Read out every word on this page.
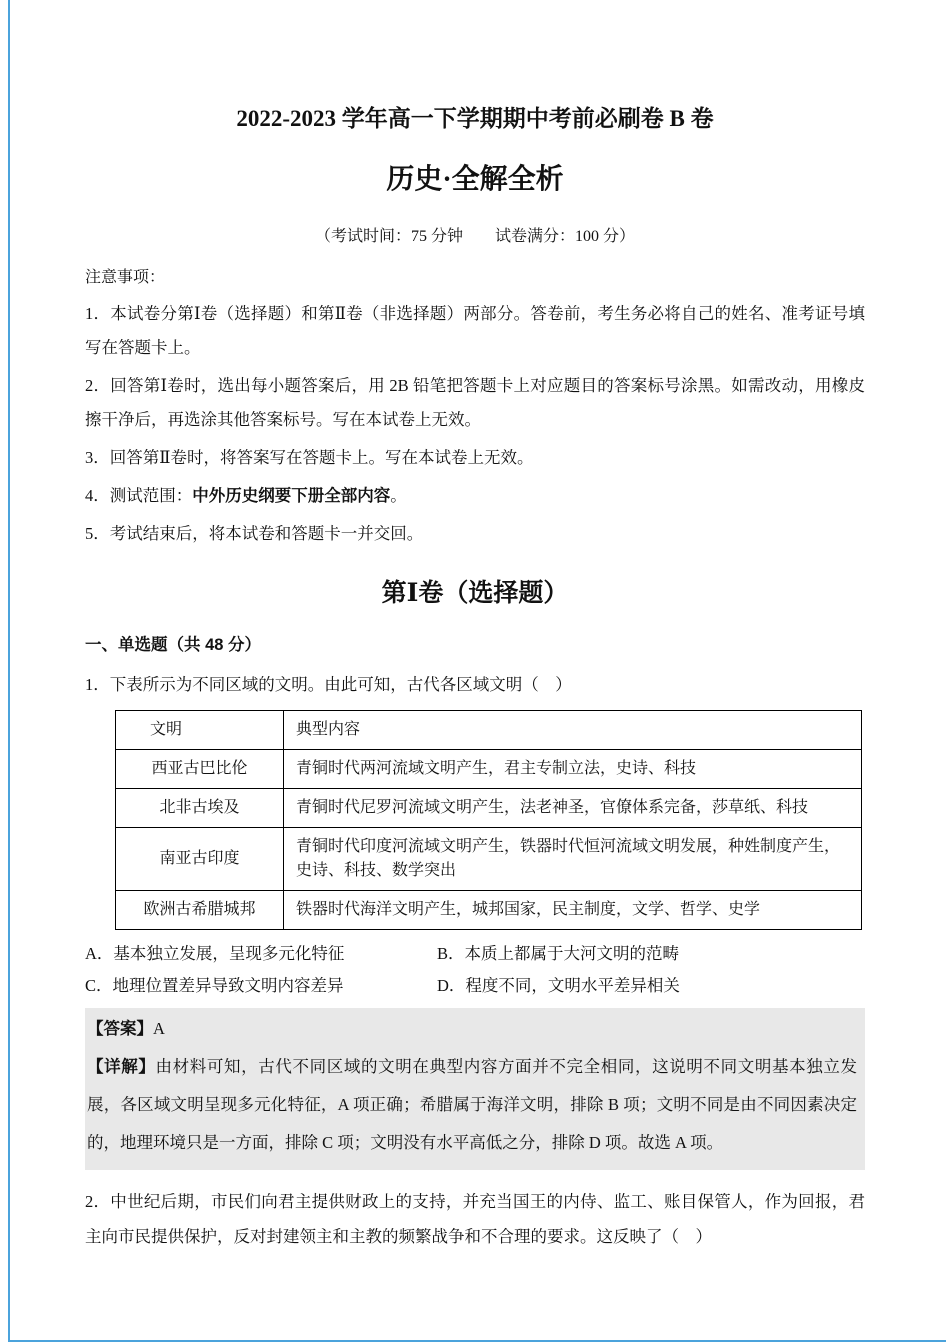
2022-2023 学年高一下学期期中考前必刷卷 B 卷
历史·全解全析

（考试时间：75 分钟　　试卷满分：100 分）

注意事项：

1．本试卷分第Ⅰ卷（选择题）和第Ⅱ卷（非选择题）两部分。答卷前，考生务必将自己的姓名、准考证号填写在答题卡上。

2．回答第Ⅰ卷时，选出每小题答案后，用 2B 铅笔把答题卡上对应题目的答案标号涂黑。如需改动，用橡皮擦干净后，再选涂其他答案标号。写在本试卷上无效。

3．回答第Ⅱ卷时，将答案写在答题卡上。写在本试卷上无效。

4．测试范围：中外历史纲要下册全部内容。

5．考试结束后，将本试卷和答题卡一并交回。

第Ⅰ卷（选择题）

一、单选题（共 48 分）

1．下表所示为不同区域的文明。由此可知，古代各区域文明（　）

文明	典型内容
西亚古巴比伦	青铜时代两河流域文明产生，君主专制立法，史诗、科技
北非古埃及	青铜时代尼罗河流域文明产生，法老神圣，官僚体系完备，莎草纸、科技
南亚古印度	青铜时代印度河流域文明产生，铁器时代恒河流域文明发展，种姓制度产生，史诗、科技、数学突出
欧洲古希腊城邦	铁器时代海洋文明产生，城邦国家，民主制度，文学、哲学、史学
A．基本独立发展，呈现多元化特征	B．本质上都属于大河文明的范畴
C．地理位置差异导致文明内容差异	D．程度不同，文明水平差异相关

【答案】A

【详解】由材料可知，古代不同区域的文明在典型内容方面并不完全相同，这说明不同文明基本独立发展，各区域文明呈现多元化特征，A 项正确；希腊属于海洋文明，排除 B 项；文明不同是由不同因素决定的，地理环境只是一方面，排除 C 项；文明没有水平高低之分，排除 D 项。故选 A 项。

2．中世纪后期，市民们向君主提供财政上的支持，并充当国王的内侍、监工、账目保管人，作为回报，君主向市民提供保护，反对封建领主和主教的频繁战争和不合理的要求。这反映了（　）
